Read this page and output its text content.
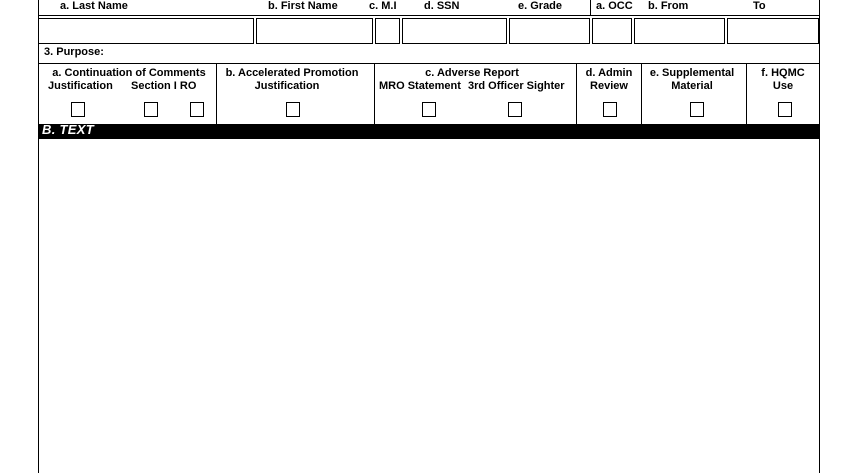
a. Last Name	b. First Name	c. M.I d. SSN	e. Grade	a. OCC b. From	To
3. Purpose:
a. Continuation of Comments
Justification Section I RO
b. Accelerated Promotion
Justification
c. Adverse Report
MRO Statement 3rd Officer Sighter
d. Admin
Review
e. Supplemental
Material
f. HQMC
Use
B. TEXT
